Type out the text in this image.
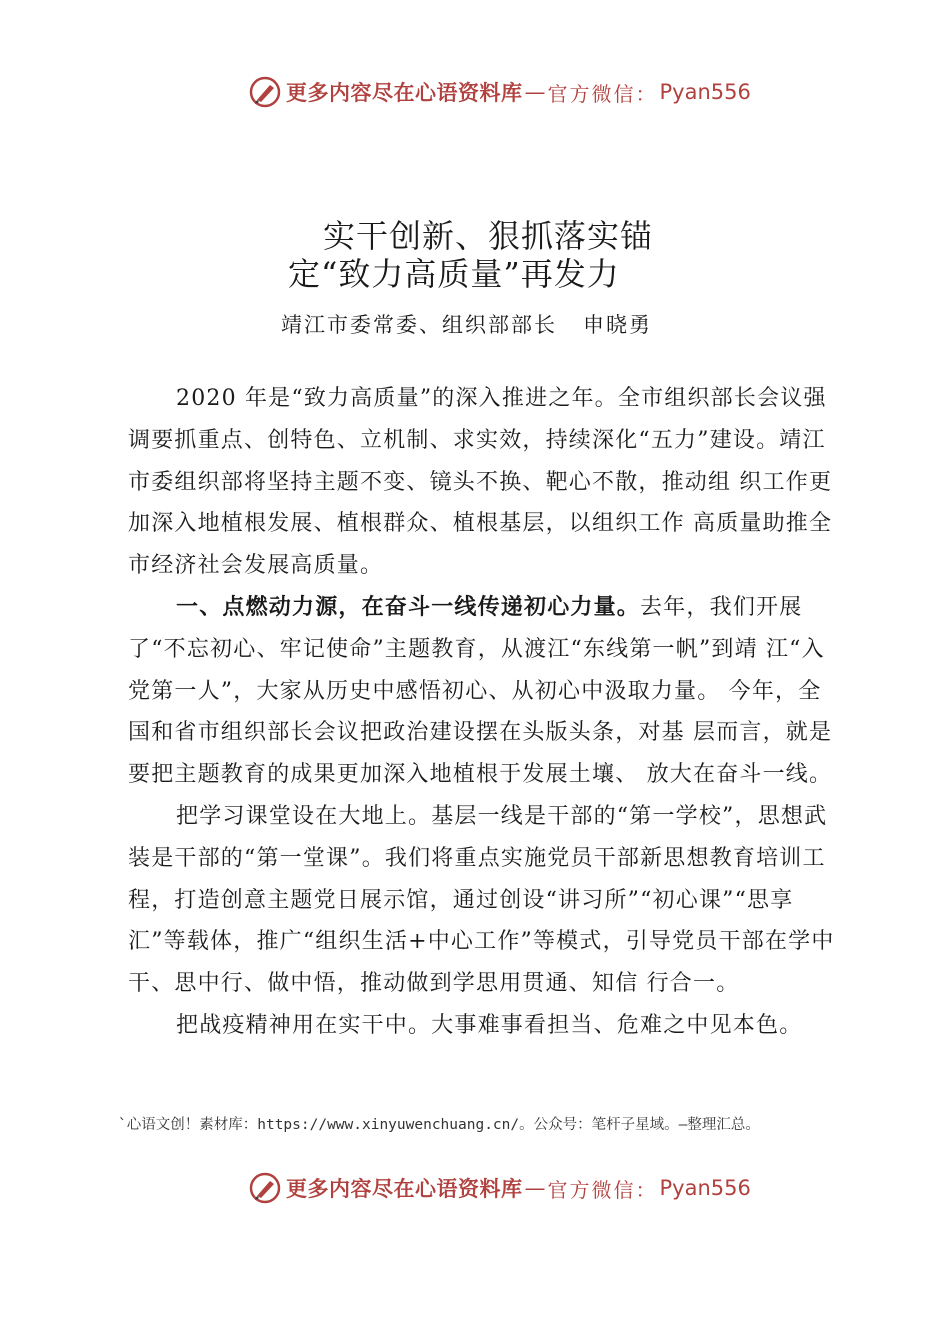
更多内容尽在心语资料库 — 官方微信： Pyan556
实干创新、狠抓落实锚
定“致力高质量”再发力
靖江市委常委、组织部部长 申晓勇

2020 年是“致力高质量”的深入推进之年。全市组织部长会议强调要抓重点、创特色、立机制、求实效，持续深化“五力”建设。靖江市委组织部将坚持主题不变、镜头不换、靶心不散，推动组 织工作更加深入地植根发展、植根群众、植根基层，以组织工作 高质量助推全市经济社会发展高质量。

一、点燃动力源，在奋斗一线传递初心力量。去年，我们开展了“不忘初心、牢记使命”主题教育，从渡江“东线第一帆”到靖 江“入党第一人”，大家从历史中感悟初心、从初心中汲取力量。 今年，全国和省市组织部长会议把政治建设摆在头版头条，对基 层而言，就是要把主题教育的成果更加深入地植根于发展土壤、 放大在奋斗一线。

把学习课堂设在大地上。基层一线是干部的“第一学校”，思想武装是干部的“第一堂课”。我们将重点实施党员干部新思想教育培训工程，打造创意主题党日展示馆，通过创设“讲习所”“初心课”“思享汇”等载体，推广“组织生活+中心工作”等模式，引导党员干部在学中干、思中行、做中悟，推动做到学思用贯通、知信 行合一。

把战疫精神用在实干中。大事难事看担当、危难之中见本色。

`心语文创！素材库：https://www.xinyuwenchuang.cn/。公众号：笔杆子星域。—整理汇总。
更多内容尽在心语资料库 — 官方微信： Pyan556
